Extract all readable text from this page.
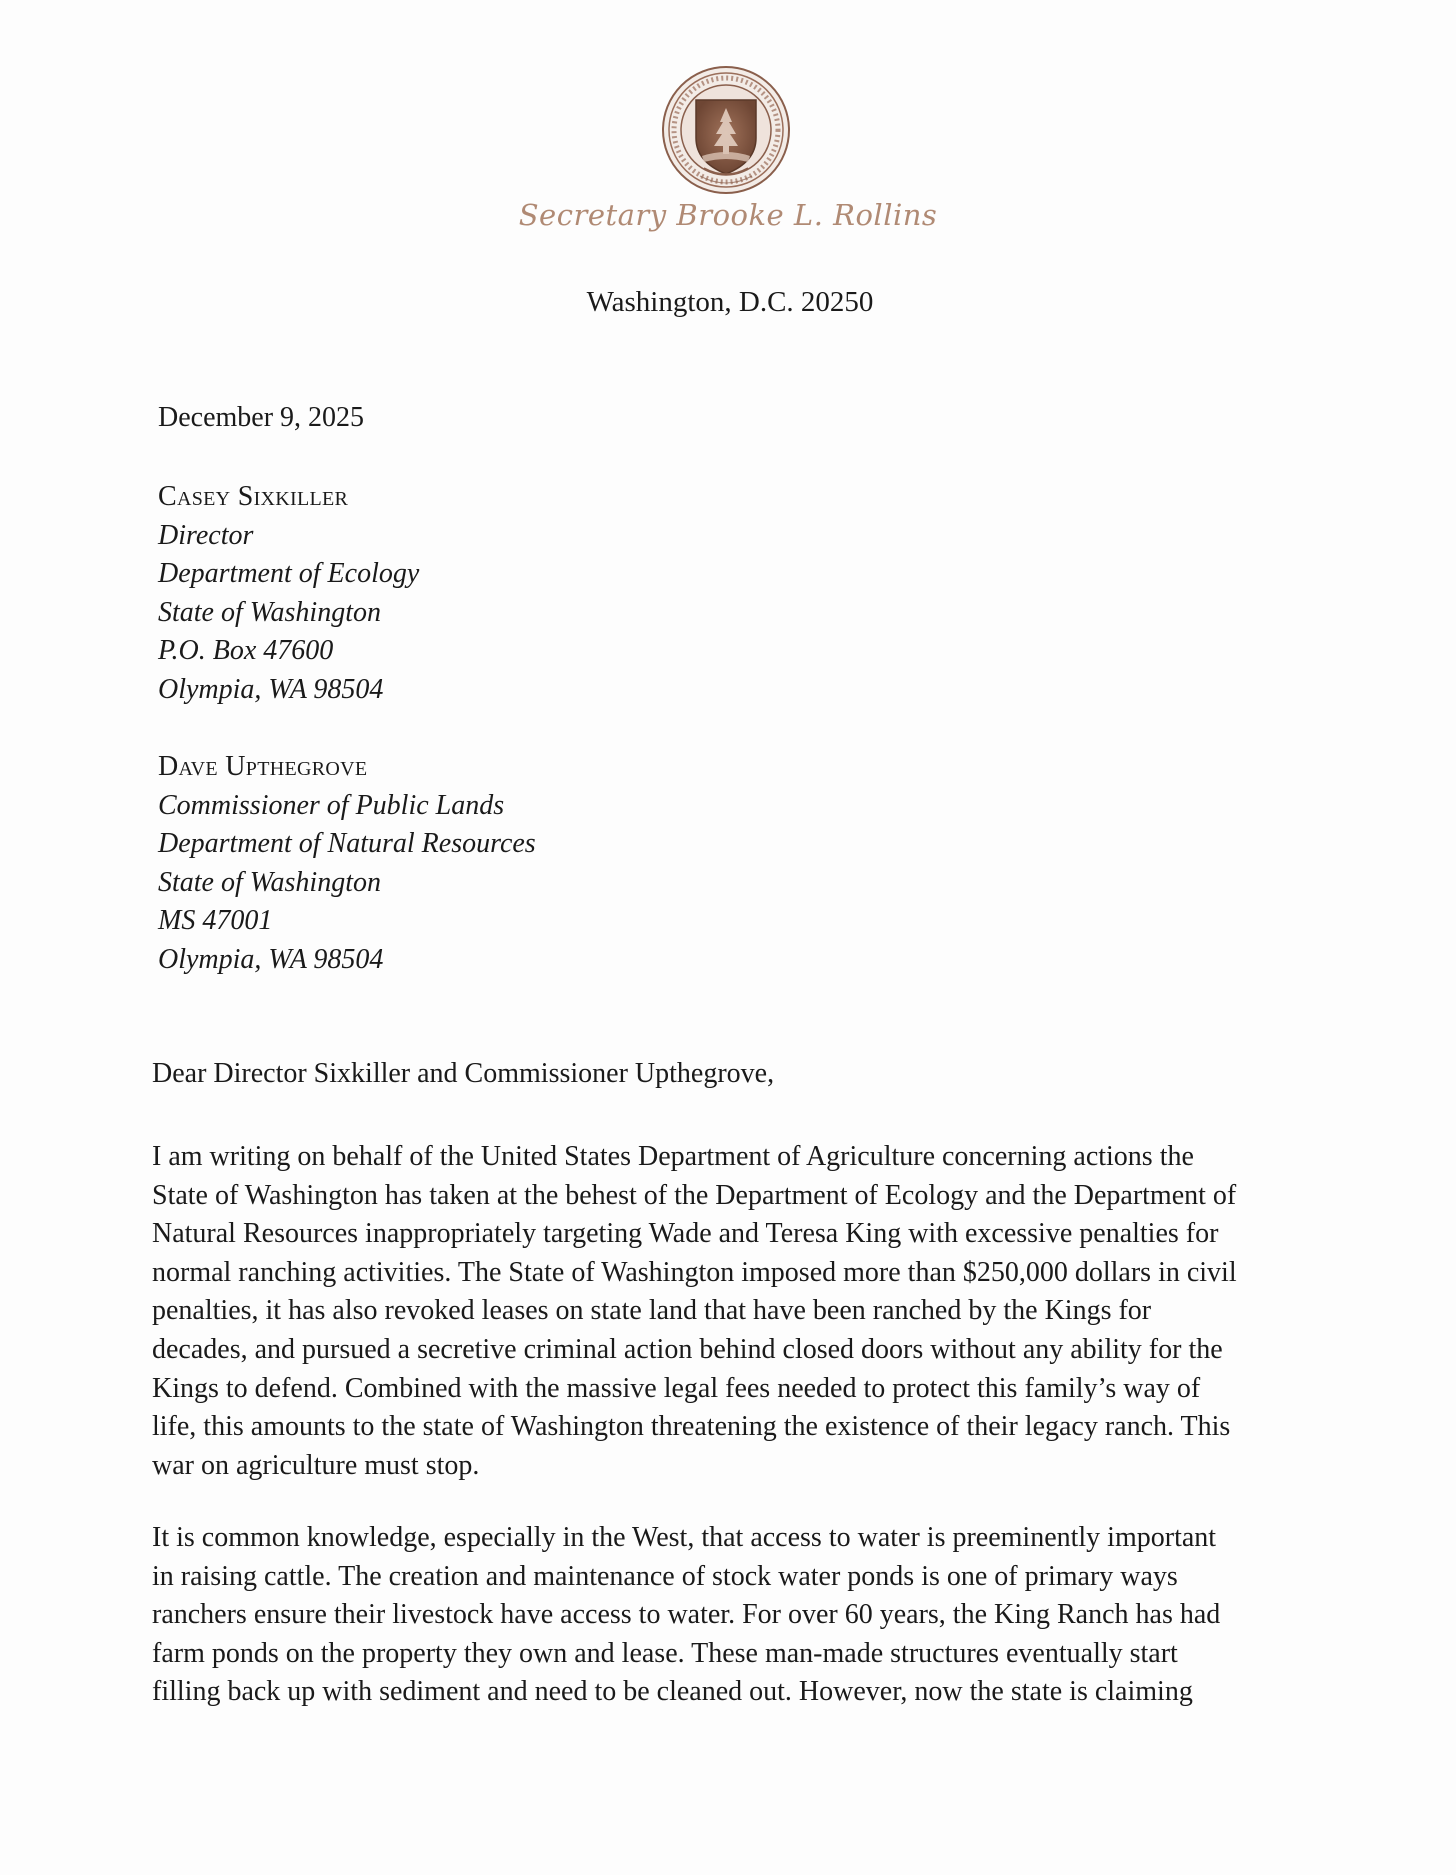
Secretary Brooke L. Rollins
Washington, D.C. 20250
December 9, 2025
Casey Sixkiller
Director
Department of Ecology
State of Washington
P.O. Box 47600
Olympia, WA 98504
Dave Upthegrove
Commissioner of Public Lands
Department of Natural Resources
State of Washington
MS 47001
Olympia, WA 98504
Dear Director Sixkiller and Commissioner Upthegrove,
I am writing on behalf of the United States Department of Agriculture concerning actions the
State of Washington has taken at the behest of the Department of Ecology and the Department of
Natural Resources inappropriately targeting Wade and Teresa King with excessive penalties for
normal ranching activities. The State of Washington imposed more than $250,000 dollars in civil
penalties, it has also revoked leases on state land that have been ranched by the Kings for
decades, and pursued a secretive criminal action behind closed doors without any ability for the
Kings to defend. Combined with the massive legal fees needed to protect this family’s way of
life, this amounts to the state of Washington threatening the existence of their legacy ranch. This
war on agriculture must stop.
It is common knowledge, especially in the West, that access to water is preeminently important
in raising cattle. The creation and maintenance of stock water ponds is one of primary ways
ranchers ensure their livestock have access to water. For over 60 years, the King Ranch has had
farm ponds on the property they own and lease. These man-made structures eventually start
filling back up with sediment and need to be cleaned out. However, now the state is claiming
